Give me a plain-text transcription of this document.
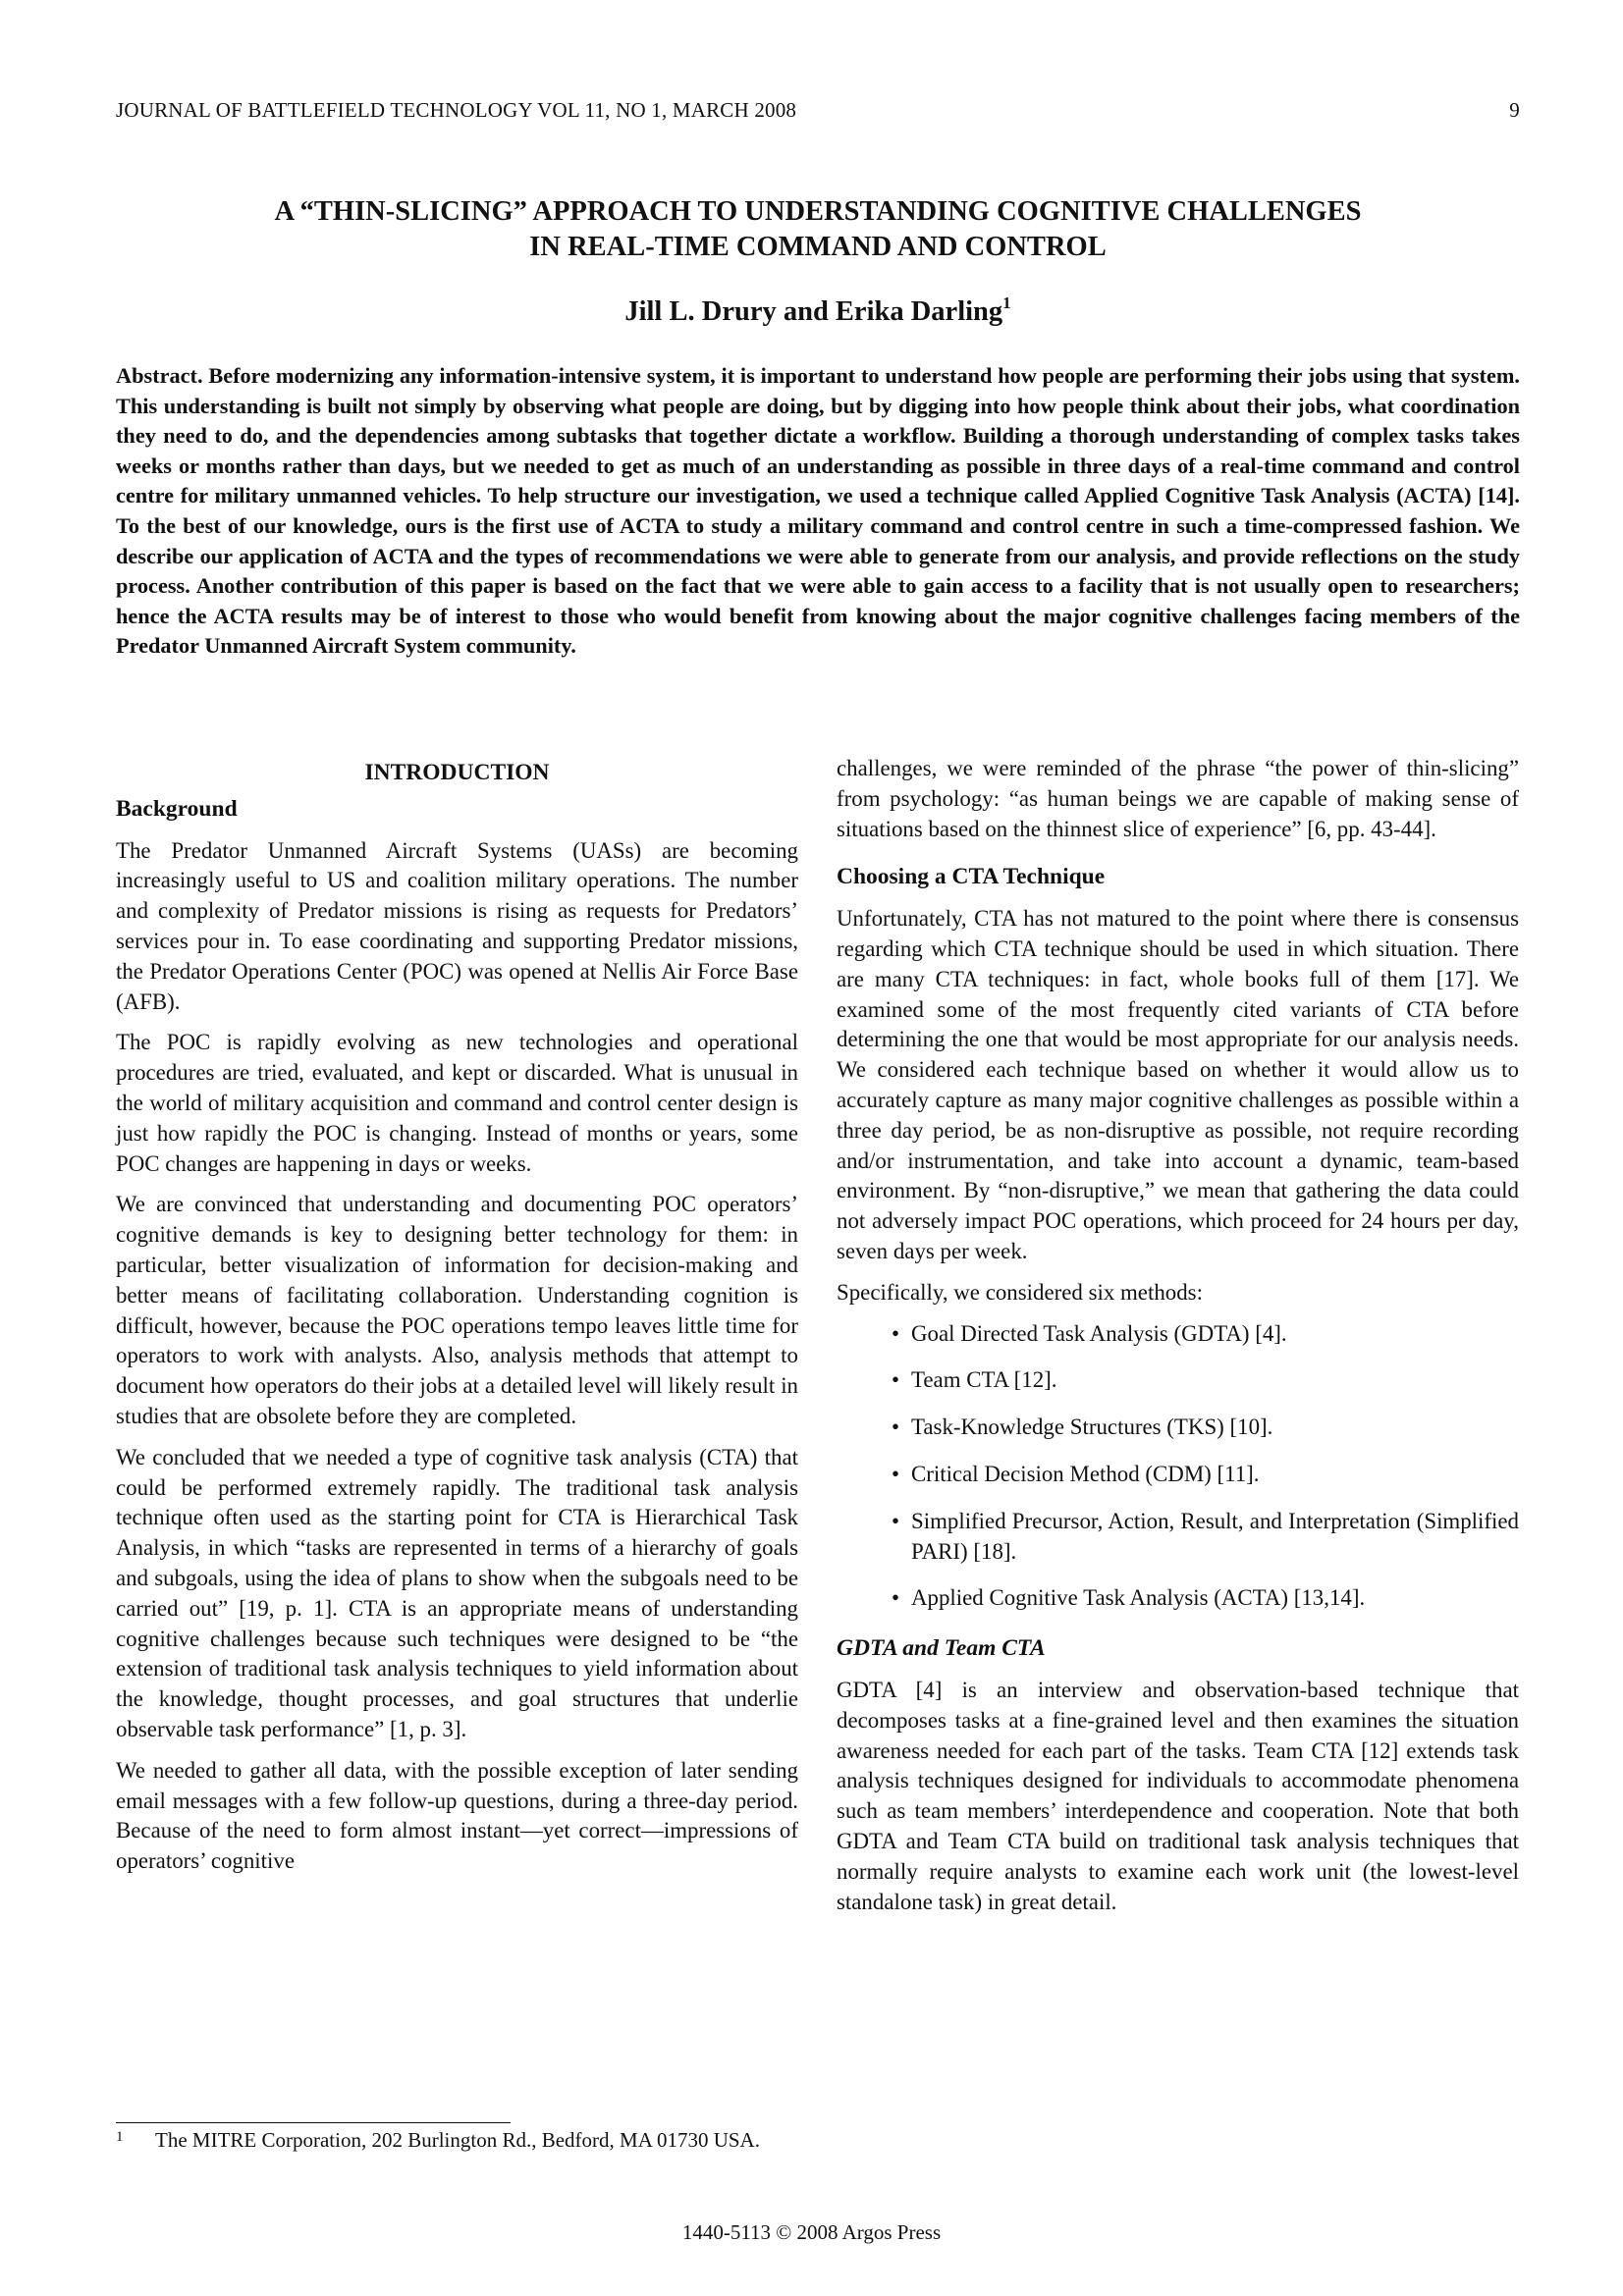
JOURNAL OF BATTLEFIELD TECHNOLOGY VOL 11, NO 1, MARCH 2008	9
A “THIN-SLICING” APPROACH TO UNDERSTANDING COGNITIVE CHALLENGES
IN REAL-TIME COMMAND AND CONTROL
Jill L. Drury and Erika Darling$^1$
Abstract. Before modernizing any information-intensive system, it is important to understand how people are performing their jobs using that system. This understanding is built not simply by observing what people are doing, but by digging into how people think about their jobs, what coordination they need to do, and the dependencies among subtasks that together dictate a workflow. Building a thorough understanding of complex tasks takes weeks or months rather than days, but we needed to get as much of an understanding as possible in three days of a real-time command and control centre for military unmanned vehicles. To help structure our investigation, we used a technique called Applied Cognitive Task Analysis (ACTA) [14]. To the best of our knowledge, ours is the first use of ACTA to study a military command and control centre in such a time-compressed fashion. We describe our application of ACTA and the types of recommendations we were able to generate from our analysis, and provide reflections on the study process. Another contribution of this paper is based on the fact that we were able to gain access to a facility that is not usually open to researchers; hence the ACTA results may be of interest to those who would benefit from knowing about the major cognitive challenges facing members of the Predator Unmanned Aircraft System community.
INTRODUCTION
Background

The Predator Unmanned Aircraft Systems (UASs) are becoming increasingly useful to US and coalition military operations. The number and complexity of Predator missions is rising as requests for Predators’ services pour in. To ease coordinating and supporting Predator missions, the Predator Operations Center (POC) was opened at Nellis Air Force Base (AFB).

The POC is rapidly evolving as new technologies and operational procedures are tried, evaluated, and kept or discarded. What is unusual in the world of military acquisition and command and control center design is just how rapidly the POC is changing. Instead of months or years, some POC changes are happening in days or weeks.

We are convinced that understanding and documenting POC operators’ cognitive demands is key to designing better technology for them: in particular, better visualization of information for decision-making and better means of facilitating collaboration. Understanding cognition is difficult, however, because the POC operations tempo leaves little time for operators to work with analysts. Also, analysis methods that attempt to document how operators do their jobs at a detailed level will likely result in studies that are obsolete before they are completed.

We concluded that we needed a type of cognitive task analysis (CTA) that could be performed extremely rapidly. The traditional task analysis technique often used as the starting point for CTA is Hierarchical Task Analysis, in which “tasks are represented in terms of a hierarchy of goals and subgoals, using the idea of plans to show when the subgoals need to be carried out” [19, p. 1]. CTA is an appropriate means of understanding cognitive challenges because such techniques were designed to be “the extension of traditional task analysis techniques to yield information about the knowledge, thought processes, and goal structures that underlie observable task performance” [1, p. 3].

We needed to gather all data, with the possible exception of later sending email messages with a few follow-up questions, during a three-day period. Because of the need to form almost instant—yet correct—impressions of operators’ cognitive

challenges, we were reminded of the phrase “the power of thin-slicing” from psychology: “as human beings we are capable of making sense of situations based on the thinnest slice of experience” [6, pp. 43-44].

Choosing a CTA Technique

Unfortunately, CTA has not matured to the point where there is consensus regarding which CTA technique should be used in which situation. There are many CTA techniques: in fact, whole books full of them [17]. We examined some of the most frequently cited variants of CTA before determining the one that would be most appropriate for our analysis needs. We considered each technique based on whether it would allow us to accurately capture as many major cognitive challenges as possible within a three day period, be as non-disruptive as possible, not require recording and/or instrumentation, and take into account a dynamic, team-based environment. By “non-disruptive,” we mean that gathering the data could not adversely impact POC operations, which proceed for 24 hours per day, seven days per week.

Specifically, we considered six methods:

• Goal Directed Task Analysis (GDTA) [4].
• Team CTA [12].
• Task-Knowledge Structures (TKS) [10].
• Critical Decision Method (CDM) [11].
• Simplified Precursor, Action, Result, and Interpretation (Simplified PARI) [18].
• Applied Cognitive Task Analysis (ACTA) [13,14].
GDTA and Team CTA

GDTA [4] is an interview and observation-based technique that decomposes tasks at a fine-grained level and then examines the situation awareness needed for each part of the tasks. Team CTA [12] extends task analysis techniques designed for individuals to accommodate phenomena such as team members’ interdependence and cooperation. Note that both GDTA and Team CTA build on traditional task analysis techniques that normally require analysts to examine each work unit (the lowest-level standalone task) in great detail.

1 The MITRE Corporation, 202 Burlington Rd., Bedford, MA 01730 USA.
1440-5113 © 2008 Argos Press
